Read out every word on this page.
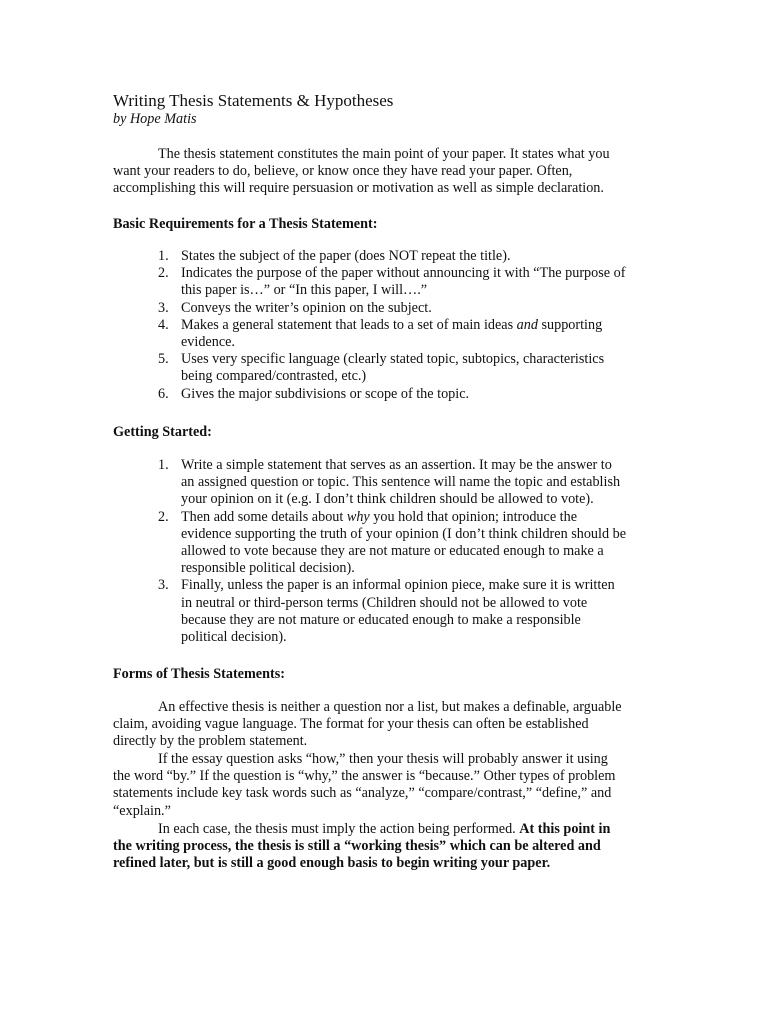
Writing Thesis Statements & Hypotheses
by Hope Matis
The thesis statement constitutes the main point of your paper. It states what you
want your readers to do, believe, or know once they have read your paper. Often,
accomplishing this will require persuasion or motivation as well as simple declaration.
Basic Requirements for a Thesis Statement:
1. States the subject of the paper (does NOT repeat the title).
2. Indicates the purpose of the paper without announcing it with “The purpose of
this paper is…” or “In this paper, I will….”
3. Conveys the writer’s opinion on the subject.
4. Makes a general statement that leads to a set of main ideas and supporting
evidence.
5. Uses very specific language (clearly stated topic, subtopics, characteristics
being compared/contrasted, etc.)
6. Gives the major subdivisions or scope of the topic.
Getting Started:
1. Write a simple statement that serves as an assertion. It may be the answer to
an assigned question or topic. This sentence will name the topic and establish
your opinion on it (e.g. I don’t think children should be allowed to vote).
2. Then add some details about why you hold that opinion; introduce the
evidence supporting the truth of your opinion (I don’t think children should be
allowed to vote because they are not mature or educated enough to make a
responsible political decision).
3. Finally, unless the paper is an informal opinion piece, make sure it is written
in neutral or third-person terms (Children should not be allowed to vote
because they are not mature or educated enough to make a responsible
political decision).
Forms of Thesis Statements:
An effective thesis is neither a question nor a list, but makes a definable, arguable
claim, avoiding vague language. The format for your thesis can often be established
directly by the problem statement.
If the essay question asks “how,” then your thesis will probably answer it using
the word “by.” If the question is “why,” the answer is “because.” Other types of problem
statements include key task words such as “analyze,” “compare/contrast,” “define,” and
“explain.”
In each case, the thesis must imply the action being performed. At this point in
the writing process, the thesis is still a “working thesis” which can be altered and
refined later, but is still a good enough basis to begin writing your paper.
